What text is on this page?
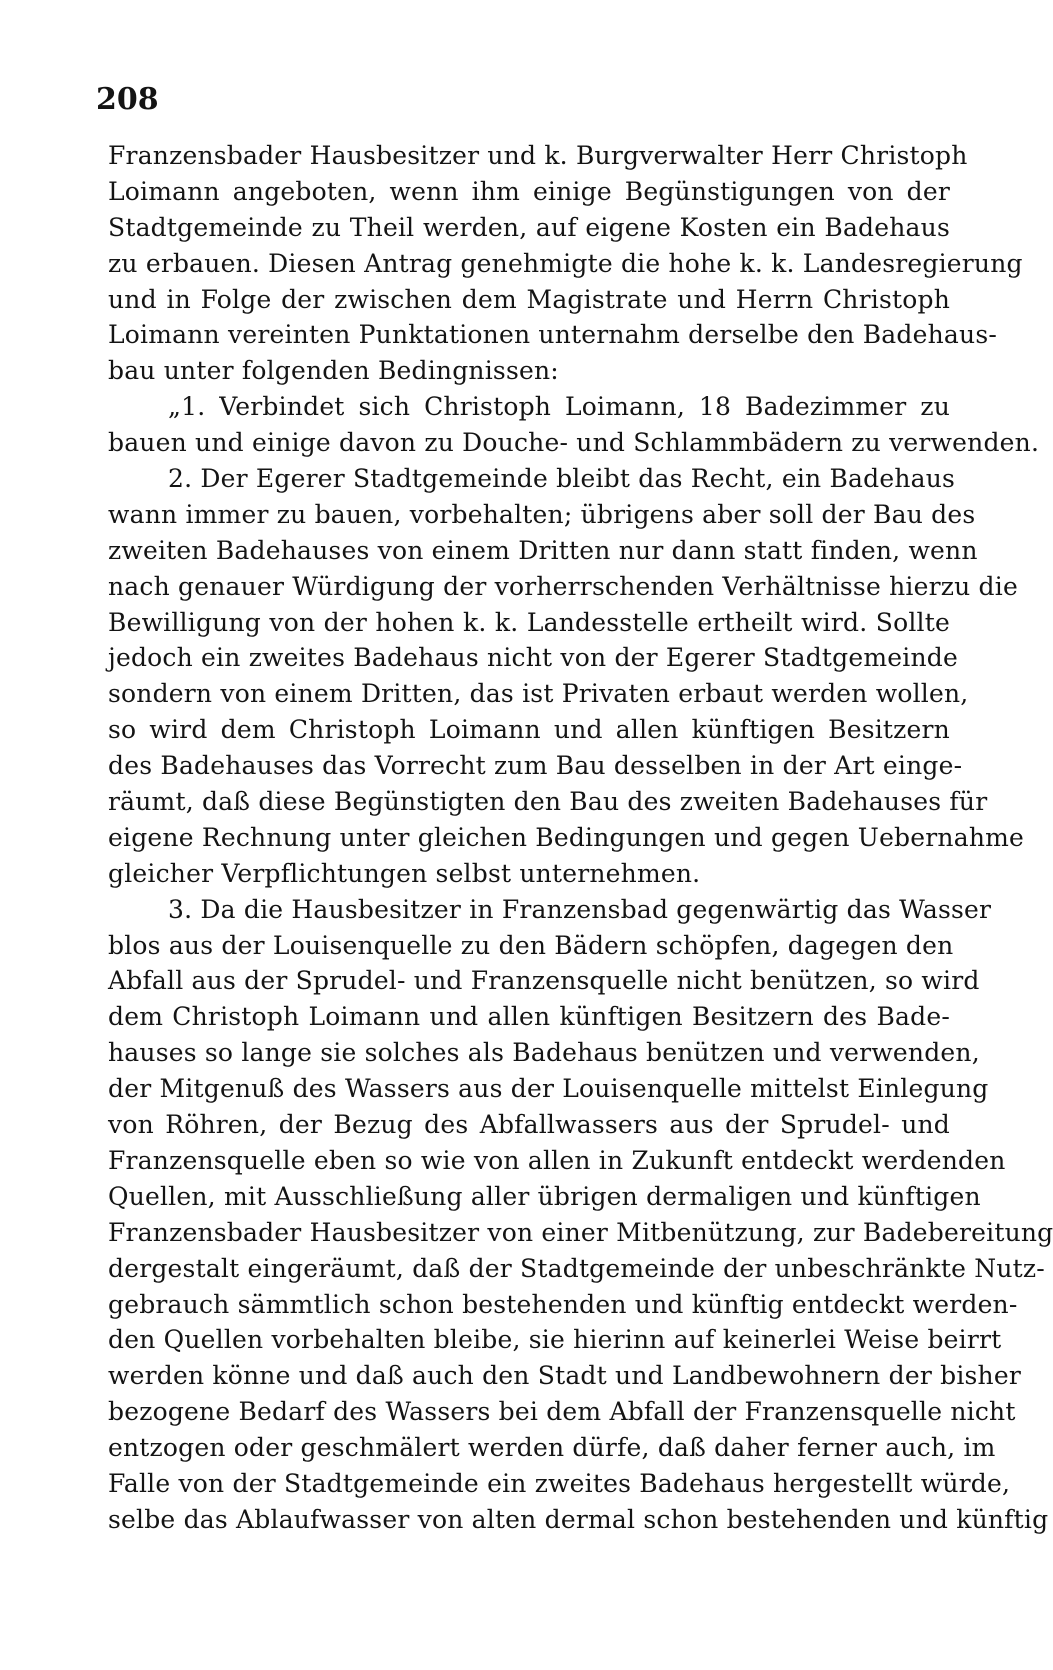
208
Franzensbader Hausbesitzer und k. Burgverwalter Herr Christoph
Loimann angeboten, wenn ihm einige Begünstigungen von der
Stadtgemeinde zu Theil werden, auf eigene Kosten ein Badehaus
zu erbauen. Diesen Antrag genehmigte die hohe k. k. Landesregierung
und in Folge der zwischen dem Magistrate und Herrn Christoph
Loimann vereinten Punktationen unternahm derselbe den Badehaus-
bau unter folgenden Bedingnissen:
„1. Verbindet sich Christoph Loimann, 18 Badezimmer zu
bauen und einige davon zu Douche- und Schlammbädern zu verwenden.
2. Der Egerer Stadtgemeinde bleibt das Recht, ein Badehaus
wann immer zu bauen, vorbehalten; übrigens aber soll der Bau des
zweiten Badehauses von einem Dritten nur dann statt finden, wenn
nach genauer Würdigung der vorherrschenden Verhältnisse hierzu die
Bewilligung von der hohen k. k. Landesstelle ertheilt wird. Sollte
jedoch ein zweites Badehaus nicht von der Egerer Stadtgemeinde
sondern von einem Dritten, das ist Privaten erbaut werden wollen,
so wird dem Christoph Loimann und allen künftigen Besitzern
des Badehauses das Vorrecht zum Bau desselben in der Art einge-
räumt, daß diese Begünstigten den Bau des zweiten Badehauses für
eigene Rechnung unter gleichen Bedingungen und gegen Uebernahme
gleicher Verpflichtungen selbst unternehmen.
3. Da die Hausbesitzer in Franzensbad gegenwärtig das Wasser
blos aus der Louisenquelle zu den Bädern schöpfen, dagegen den
Abfall aus der Sprudel- und Franzensquelle nicht benützen, so wird
dem Christoph Loimann und allen künftigen Besitzern des Bade-
hauses so lange sie solches als Badehaus benützen und verwenden,
der Mitgenuß des Wassers aus der Louisenquelle mittelst Einlegung
von Röhren, der Bezug des Abfallwassers aus der Sprudel- und
Franzensquelle eben so wie von allen in Zukunft entdeckt werdenden
Quellen, mit Ausschließung aller übrigen dermaligen und künftigen
Franzensbader Hausbesitzer von einer Mitbenützung, zur Badebereitung
dergestalt eingeräumt, daß der Stadtgemeinde der unbeschränkte Nutz-
gebrauch sämmtlich schon bestehenden und künftig entdeckt werden-
den Quellen vorbehalten bleibe, sie hierinn auf keinerlei Weise beirrt
werden könne und daß auch den Stadt und Landbewohnern der bisher
bezogene Bedarf des Wassers bei dem Abfall der Franzensquelle nicht
entzogen oder geschmälert werden dürfe, daß daher ferner auch, im
Falle von der Stadtgemeinde ein zweites Badehaus hergestellt würde,
selbe das Ablaufwasser von alten dermal schon bestehenden und künftig
